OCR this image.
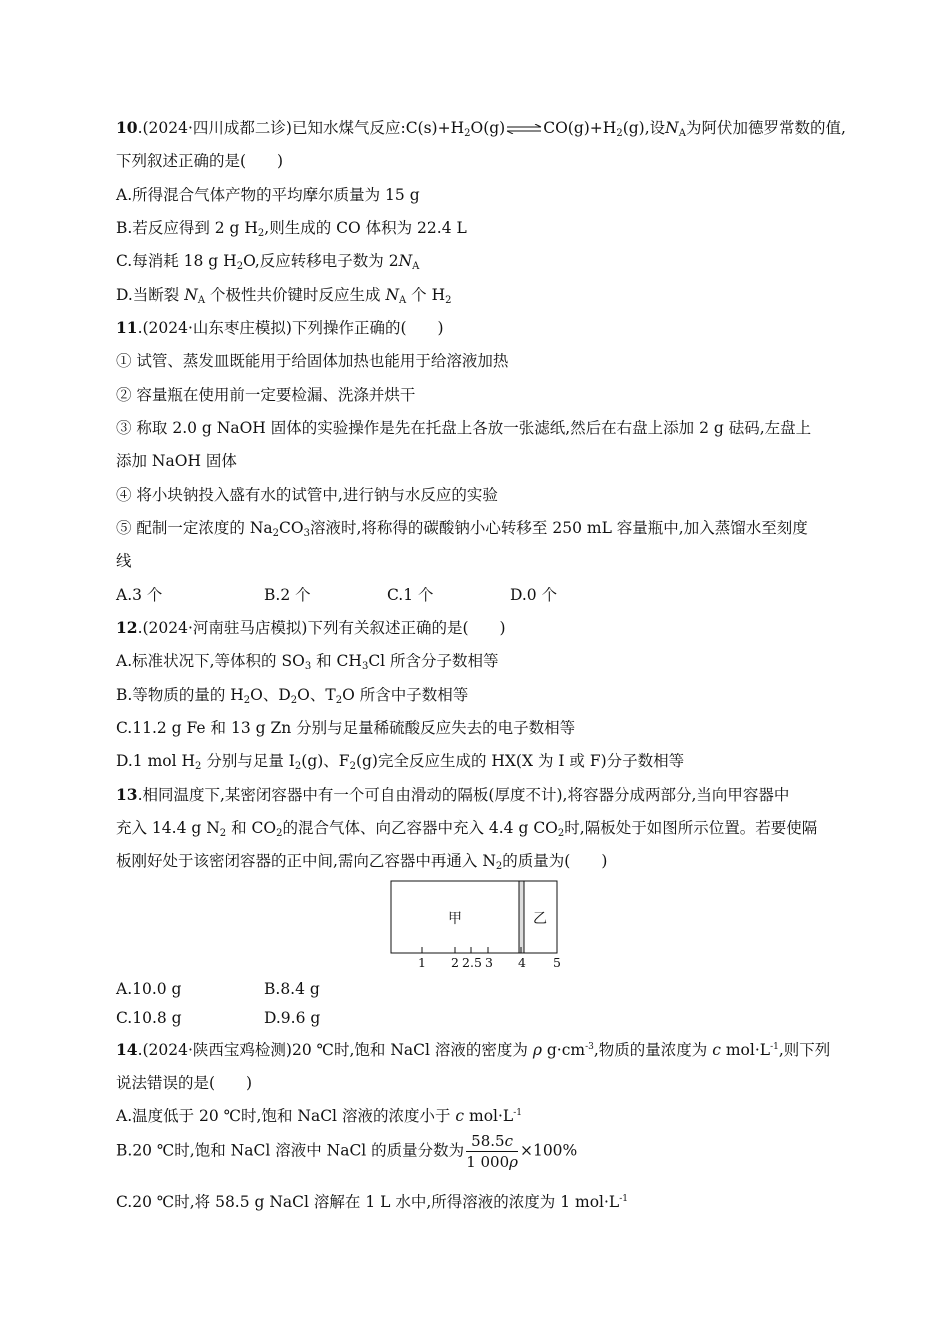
10.(2024·四川成都二诊)已知水煤气反应$:C(s)+H_2O(g)\rightleftharpoons CO(g)+H_2(g)$,设$N_A$为阿伏加德罗常数的值,
下列叙述正确的是(　　)
A.所得混合气体产物的平均摩尔质量为 15 g
B.若反应得到 2 g $H_2$,则生成的 CO 体积为 22.4 L
C.每消耗 18 g $H_2O$,反应转移电子数为 $2N_A$
D.当断裂 $N_A$ 个极性共价键时反应生成 $N_A$ 个 $H_2$
11.(2024·山东枣庄模拟)下列操作正确的(　　)
① 试管、蒸发皿既能用于给固体加热也能用于给溶液加热
② 容量瓶在使用前一定要检漏、洗涤并烘干
③ 称取 2.0 g NaOH 固体的实验操作是先在托盘上各放一张滤纸,然后在右盘上添加 2 g 砝码,左盘上
添加 NaOH 固体
④ 将小块钠投入盛有水的试管中,进行钠与水反应的实验
⑤ 配制一定浓度的 $Na_2CO_3$溶液时,将称得的碳酸钠小心转移至 250 mL 容量瓶中,加入蒸馏水至刻度
线
A.3 个	B.2 个	C.1 个	D.0 个
12.(2024·河南驻马店模拟)下列有关叙述正确的是(　　)
A.标准状况下,等体积的 $SO_3$ 和 $CH_3Cl$ 所含分子数相等
B.等物质的量的 $H_2O$、$D_2O$、$T_2O$ 所含中子数相等
C.11.2 g Fe 和 13 g Zn 分别与足量稀硫酸反应失去的电子数相等
D.1 mol $H_2$ 分别与足量 $I_2(g)$、$F_2(g)$完全反应生成的 HX(X 为 I 或 F)分子数相等
13.相同温度下,某密闭容器中有一个可自由滑动的隔板(厚度不计),将容器分成两部分,当向甲容器中
充入 14.4 g $N_2$ 和 $CO_2$的混合气体、向乙容器中充入 4.4 g $CO_2$时,隔板处于如图所示位置。若要使隔
板刚好处于该密闭容器的正中间,需向乙容器中再通入 $N_2$的质量为(　　)
甲	乙
1 2 2.5 3 4 5
A.10.0 g	B.8.4 g
C.10.8 g	D.9.6 g
14.(2024·陕西宝鸡检测)20 ℃时,饱和 NaCl 溶液的密度为 ρ $g\cdot cm^{-3}$,物质的量浓度为 c $mol\cdot L^{-1}$,则下列
说法错误的是(　　)
A.温度低于 20 ℃时,饱和 NaCl 溶液的浓度小于 c $mol\cdot L^{-1}$
B.20 ℃时,饱和 NaCl 溶液中 NaCl 的质量分数为 $\frac{58.5c}{1 000\rho} \times 100\%$
C.20 ℃时,将 58.5 g NaCl 溶解在 1 L 水中,所得溶液的浓度为 1 $mol\cdot L^{-1}$
